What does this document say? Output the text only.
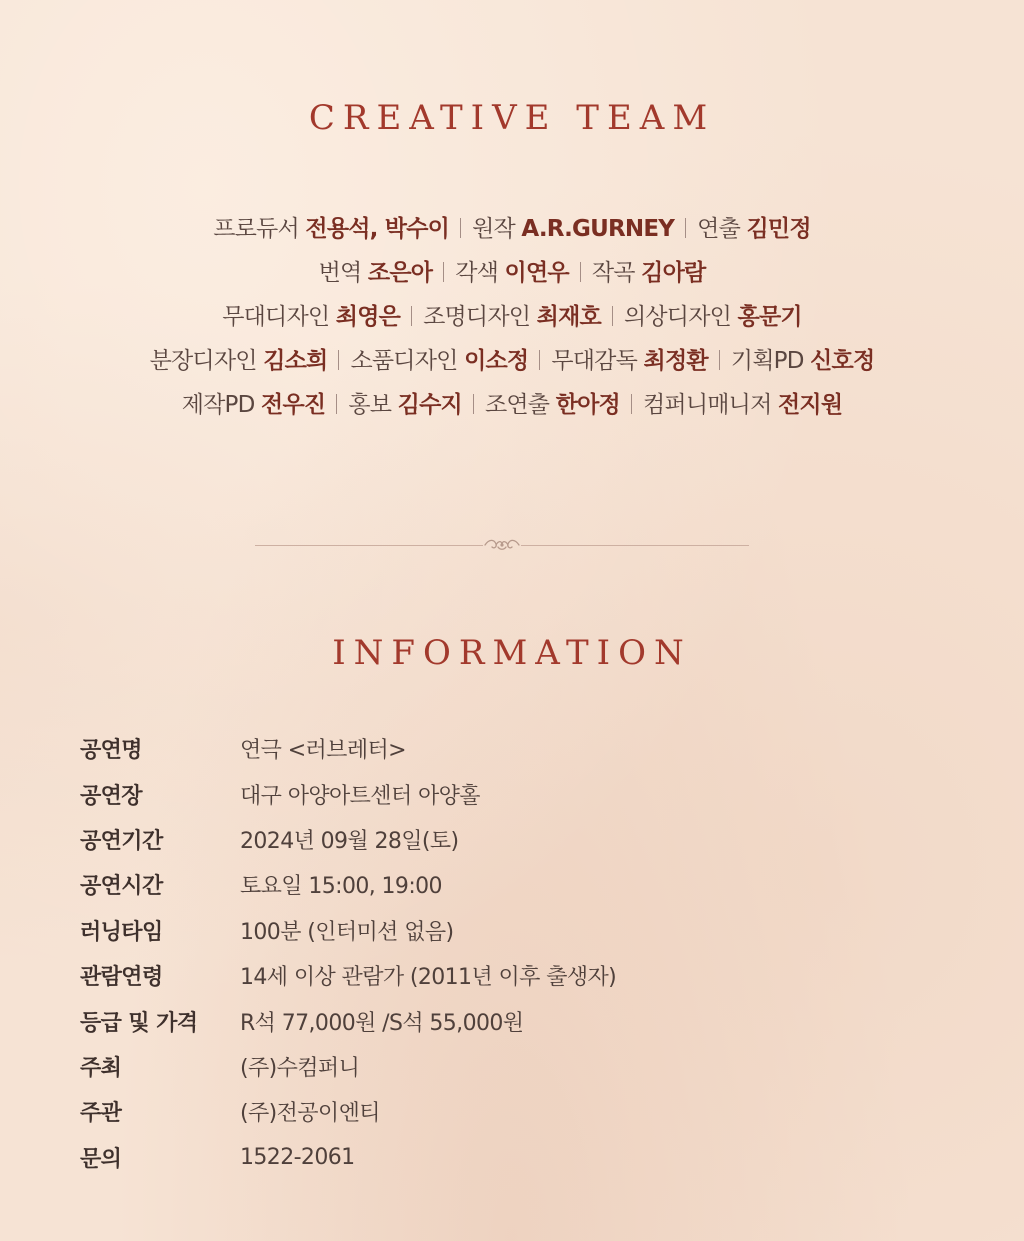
CREATIVE TEAM
프로듀서 전용석, 박수이 원작 A.R.GURNEY 연출 김민정
번역 조은아 각색 이연우 작곡 김아람
무대디자인 최영은 조명디자인 최재호 의상디자인 홍문기
분장디자인 김소희 소품디자인 이소정 무대감독 최정환 기획PD 신호정
제작PD 전우진 홍보 김수지 조연출 한아정 컴퍼니매니저 전지원
INFORMATION
공연명	연극 <러브레터>
공연장	대구 아양아트센터 아양홀
공연기간	2024년 09월 28일(토)
공연시간	토요일 15:00, 19:00
러닝타임	100분 (인터미션 없음)
관람연령	14세 이상 관람가 (2011년 이후 출생자)
등급 및 가격	R석 77,000원 /S석 55,000원
주최	(주)수컴퍼니
주관	(주)전공이엔티
문의	1522-2061
